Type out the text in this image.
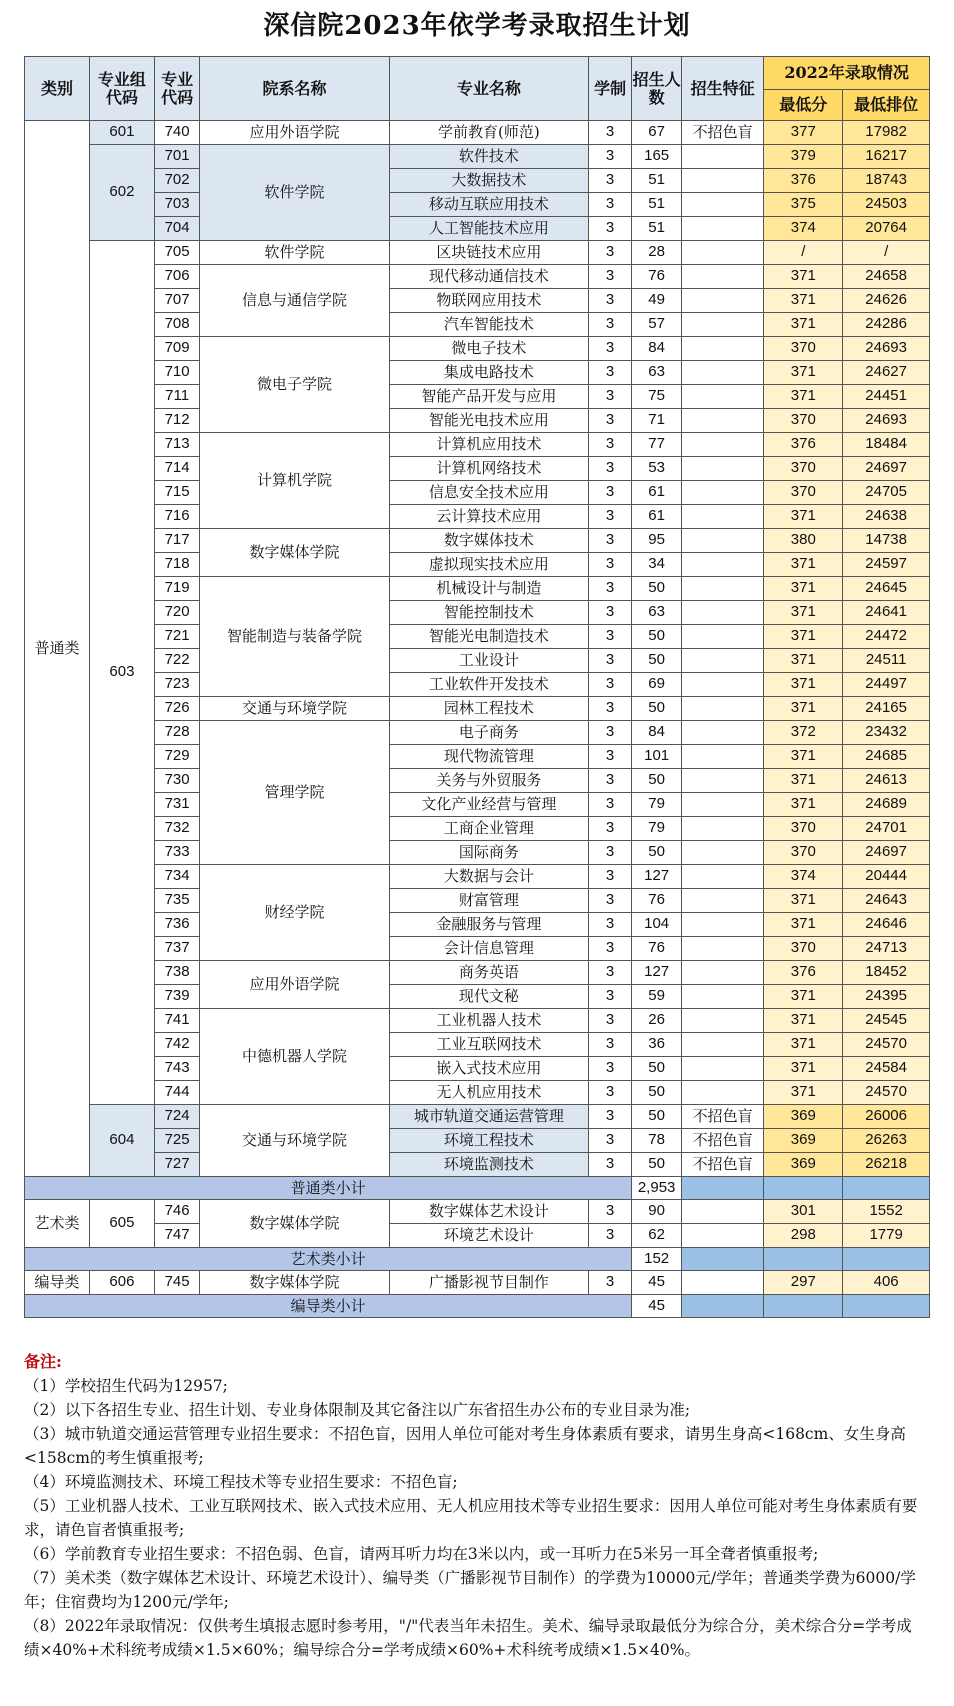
深信院2023年依学考录取招生计划
类别	专业组代码	专业代码	院系名称	专业名称	学制	招生人数	招生特征	2022年录取情况	
								最低分	最低排位
普通类	601	740	应用外语学院	学前教育(师范)	3	67	不招色盲	377	17982
	602	701	软件学院	软件技术	3	165		379	16217
		702		大数据技术	3	51		376	18743
		703		移动互联应用技术	3	51		375	24503
		704		人工智能技术应用	3	51		374	20764
	603	705	软件学院	区块链技术应用	3	28		/	/
		706	信息与通信学院	现代移动通信技术	3	76		371	24658
		707		物联网应用技术	3	49		371	24626
		708		汽车智能技术	3	57		371	24286
		709	微电子学院	微电子技术	3	84		370	24693
		710		集成电路技术	3	63		371	24627
		711		智能产品开发与应用	3	75		371	24451
		712		智能光电技术应用	3	71		370	24693
		713	计算机学院	计算机应用技术	3	77		376	18484
		714		计算机网络技术	3	53		370	24697
		715		信息安全技术应用	3	61		370	24705
		716		云计算技术应用	3	61		371	24638
		717	数字媒体学院	数字媒体技术	3	95		380	14738
		718		虚拟现实技术应用	3	34		371	24597
		719	智能制造与装备学院	机械设计与制造	3	50		371	24645
		720		智能控制技术	3	63		371	24641
		721		智能光电制造技术	3	50		371	24472
		722		工业设计	3	50		371	24511
		723		工业软件开发技术	3	69		371	24497
		726	交通与环境学院	园林工程技术	3	50		371	24165
		728	管理学院	电子商务	3	84		372	23432
		729		现代物流管理	3	101		371	24685
		730		关务与外贸服务	3	50		371	24613
		731		文化产业经营与管理	3	79		371	24689
		732		工商企业管理	3	79		370	24701
		733		国际商务	3	50		370	24697
		734	财经学院	大数据与会计	3	127		374	20444
		735		财富管理	3	76		371	24643
		736		金融服务与管理	3	104		371	24646
		737		会计信息管理	3	76		370	24713
		738	应用外语学院	商务英语	3	127		376	18452
		739		现代文秘	3	59		371	24395
		741	中德机器人学院	工业机器人技术	3	26		371	24545
		742		工业互联网技术	3	36		371	24570
		743		嵌入式技术应用	3	50		371	24584
		744		无人机应用技术	3	50		371	24570
	604	724	交通与环境学院	城市轨道交通运营管理	3	50	不招色盲	369	26006
		725		环境工程技术	3	78	不招色盲	369	26263
		727		环境监测技术	3	50	不招色盲	369	26218
普通类小计						2,953			
艺术类	605	746	数字媒体学院	数字媒体艺术设计	3	90		301	1552
		747		环境艺术设计	3	62		298	1779
艺术类小计						152			
编导类	606	745	数字媒体学院	广播影视节目制作	3	45		297	406
编导类小计						45			
备注:

（1）学校招生代码为12957;

（2）以下各招生专业、招生计划、专业身体限制及其它备注以广东省招生办公布的专业目录为准;

（3）城市轨道交通运营管理专业招生要求：不招色盲，因用人单位可能对考生身体素质有要求，请男生身高<168cm、女生身高<158cm的考生慎重报考;

（4）环境监测技术、环境工程技术等专业招生要求：不招色盲;

（5）工业机器人技术、工业互联网技术、嵌入式技术应用、无人机应用技术等专业招生要求：因用人单位可能对考生身体素质有要求，请色盲者慎重报考;

（6）学前教育专业招生要求：不招色弱、色盲，请两耳听力均在3米以内，或一耳听力在5米另一耳全聋者慎重报考;

（7）美术类（数字媒体艺术设计、环境艺术设计）、编导类（广播影视节目制作）的学费为10000元/学年；普通类学费为6000/学年；住宿费均为1200元/学年;

（8）2022年录取情况：仅供考生填报志愿时参考用，"/"代表当年未招生。美术、编导录取最低分为综合分，美术综合分=学考成绩×40%+术科统考成绩×1.5×60%；编导综合分=学考成绩×60%+术科统考成绩×1.5×40%。
